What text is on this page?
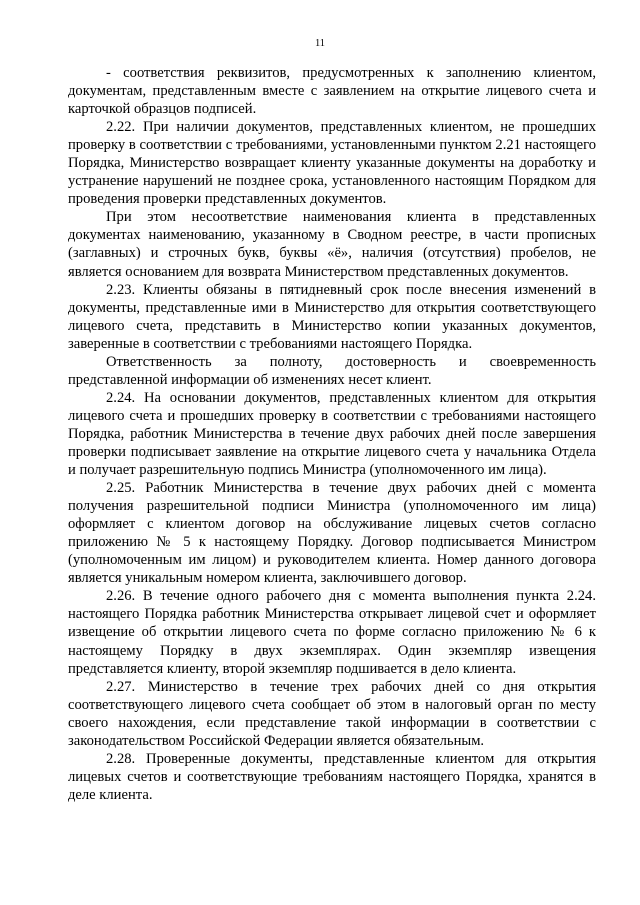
11

- соответствия реквизитов, предусмотренных к заполнению клиентом, документам, представленным вместе с заявлением на открытие лицевого счета и карточкой образцов подписей.

2.22. При наличии документов, представленных клиентом, не прошедших проверку в соответствии с требованиями, установленными пунктом 2.21 настоящего Порядка, Министерство возвращает клиенту указанные документы на доработку и устранение нарушений не позднее срока, установленного настоящим Порядком для проведения проверки представленных документов.

При этом несоответствие наименования клиента в представленных документах наименованию, указанному в Сводном реестре, в части прописных (заглавных) и строчных букв, буквы «ё», наличия (отсутствия) пробелов, не является основанием для возврата Министерством представленных документов.

2.23. Клиенты обязаны в пятидневный срок после внесения изменений в документы, представленные ими в Министерство для открытия соответствующего лицевого счета, представить в Министерство копии указанных документов, заверенные в соответствии с требованиями настоящего Порядка.

Ответственность за полноту, достоверность и своевременность представленной информации об изменениях несет клиент.

2.24. На основании документов, представленных клиентом для открытия лицевого счета и прошедших проверку в соответствии с требованиями настоящего Порядка, работник Министерства в течение двух рабочих дней после завершения проверки подписывает заявление на открытие лицевого счета у начальника Отдела и получает разрешительную подпись Министра (уполномоченного им лица).

2.25. Работник Министерства в течение двух рабочих дней с момента получения разрешительной подписи Министра (уполномоченного им лица) оформляет с клиентом договор на обслуживание лицевых счетов согласно приложению № 5 к настоящему Порядку. Договор подписывается Министром (уполномоченным им лицом) и руководителем клиента. Номер данного договора является уникальным номером клиента, заключившего договор.

2.26. В течение одного рабочего дня с момента выполнения пункта 2.24. настоящего Порядка работник Министерства открывает лицевой счет и оформляет извещение об открытии лицевого счета по форме согласно приложению № 6 к настоящему Порядку в двух экземплярах. Один экземпляр извещения представляется клиенту, второй экземпляр подшивается в дело клиента.

2.27. Министерство в течение трех рабочих дней со дня открытия соответствующего лицевого счета сообщает об этом в налоговый орган по месту своего нахождения, если представление такой информации в соответствии с законодательством Российской Федерации является обязательным.

2.28. Проверенные документы, представленные клиентом для открытия лицевых счетов и соответствующие требованиям настоящего Порядка, хранятся в деле клиента.
